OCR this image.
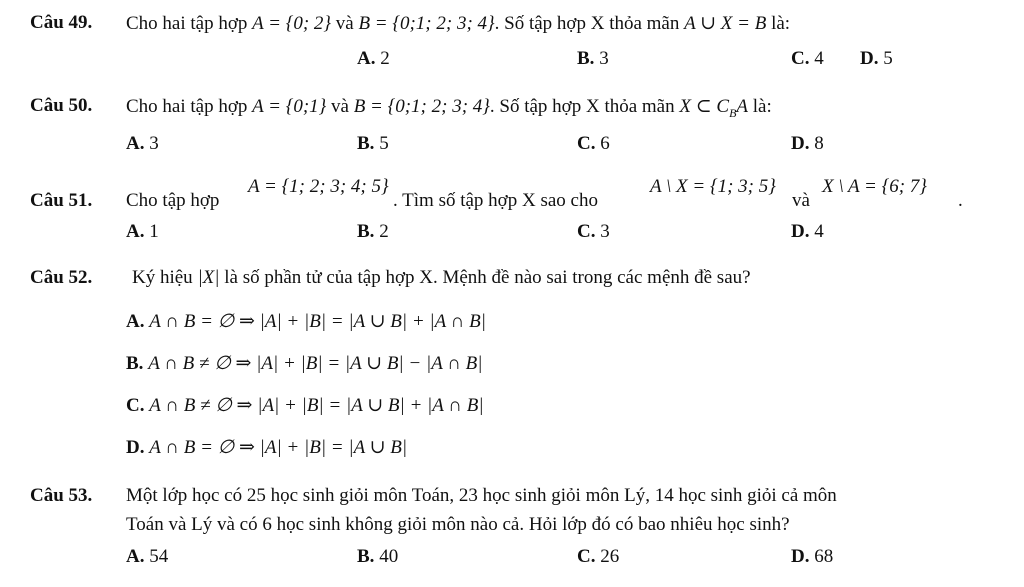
Câu 49. Cho hai tập hợp A = {0; 2} và B = {0;1; 2; 3; 4}. Số tập hợp X thỏa mãn A ∪ X = B là:
A. 2	B. 3	C. 4 D. 5
Câu 50. Cho hai tập hợp A = {0;1} và B = {0;1; 2; 3; 4}. Số tập hợp X thỏa mãn X ⊂ $C_BA$ là:
A. 3	B. 5	C. 6	D. 8
Câu 51. Cho tập hợp
A = {1; 2; 3; 4; 5}
. Tìm số tập hợp X sao cho
A \ X = {1; 3; 5}
và
X \ A = {6; 7}
.
A. 1	B. 2	C. 3	D. 4
Câu 52. Ký hiệu |X| là số phần tử của tập hợp X. Mệnh đề nào sai trong các mệnh đề sau?
A. A ∩ B = ∅ ⇒ |A| + |B| = |A ∪ B| + |A ∩ B|
B. A ∩ B ≠ ∅ ⇒ |A| + |B| = |A ∪ B| − |A ∩ B|
C. A ∩ B ≠ ∅ ⇒ |A| + |B| = |A ∪ B| + |A ∩ B|
D. A ∩ B = ∅ ⇒ |A| + |B| = |A ∪ B|
Câu 53. Một lớp học có 25 học sinh giỏi môn Toán, 23 học sinh giỏi môn Lý, 14 học sinh giỏi cả môn
Toán và Lý và có 6 học sinh không giỏi môn nào cả. Hỏi lớp đó có bao nhiêu học sinh?
A. 54	B. 40	C. 26	D. 68
